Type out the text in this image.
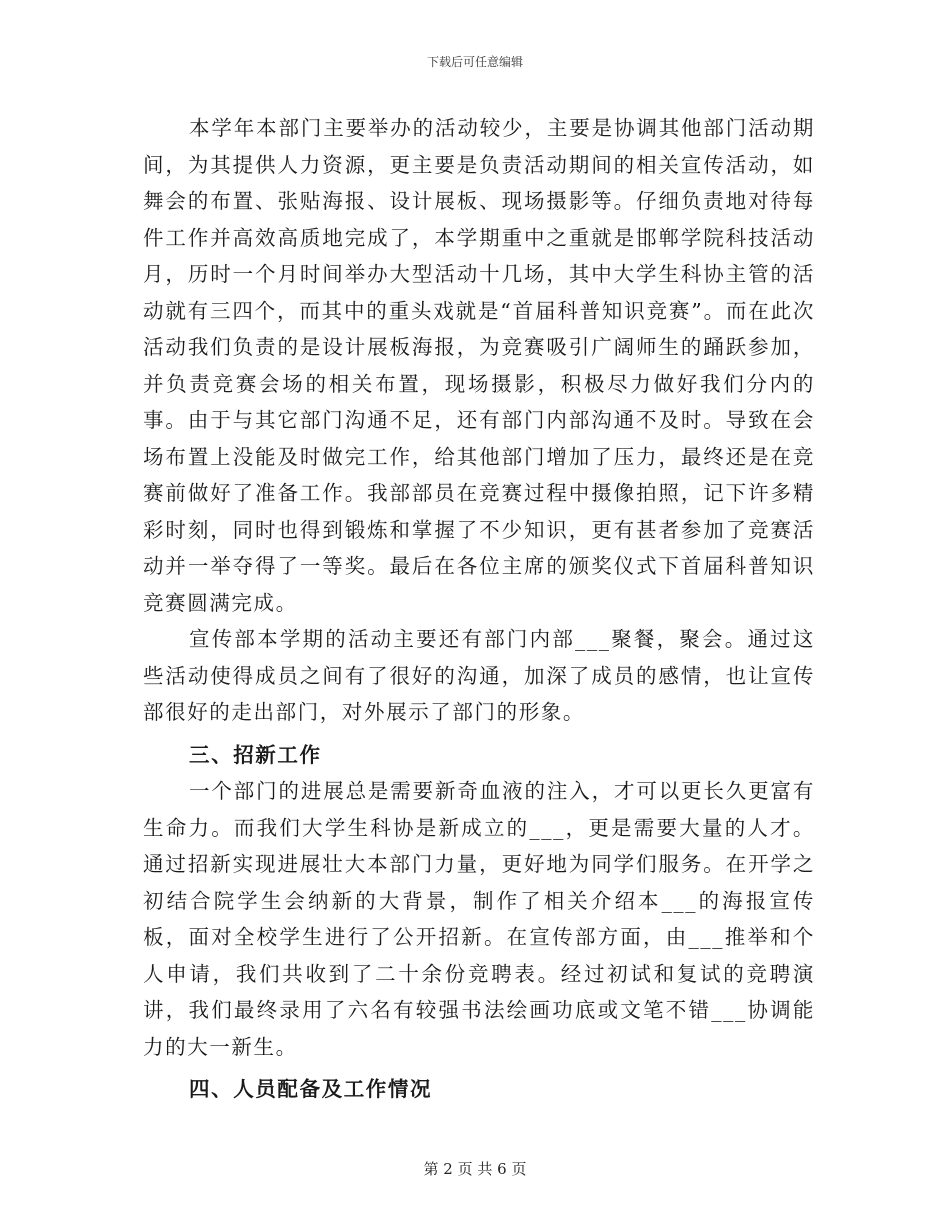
下载后可任意编辑

本学年本部门主要举办的活动较少，主要是协调其他部门活动期间，为其提供人力资源，更主要是负责活动期间的相关宣传活动，如舞会的布置、张贴海报、设计展板、现场摄影等。仔细负责地对待每件工作并高效高质地完成了，本学期重中之重就是邯郸学院科技活动月，历时一个月时间举办大型活动十几场，其中大学生科协主管的活动就有三四个，而其中的重头戏就是“首届科普知识竞赛”。而在此次活动我们负责的是设计展板海报，为竞赛吸引广阔师生的踊跃参加，并负责竞赛会场的相关布置，现场摄影，积极尽力做好我们分内的事。由于与其它部门沟通不足，还有部门内部沟通不及时。导致在会场布置上没能及时做完工作，给其他部门增加了压力，最终还是在竞赛前做好了准备工作。我部部员在竞赛过程中摄像拍照，记下许多精彩时刻，同时也得到锻炼和掌握了不少知识，更有甚者参加了竞赛活动并一举夺得了一等奖。最后在各位主席的颁奖仪式下首届科普知识竞赛圆满完成。

宣传部本学期的活动主要还有部门内部___聚餐，聚会。通过这些活动使得成员之间有了很好的沟通，加深了成员的感情，也让宣传部很好的走出部门，对外展示了部门的形象。

三、招新工作

一个部门的进展总是需要新奇血液的注入，才可以更长久更富有生命力。而我们大学生科协是新成立的___，更是需要大量的人才。通过招新实现进展壮大本部门力量，更好地为同学们服务。在开学之初结合院学生会纳新的大背景，制作了相关介绍本___的海报宣传板，面对全校学生进行了公开招新。在宣传部方面，由___推举和个人申请，我们共收到了二十余份竞聘表。经过初试和复试的竞聘演讲，我们最终录用了六名有较强书法绘画功底或文笔不错___协调能力的大一新生。

四、人员配备及工作情况

第 2 页 共 6 页
